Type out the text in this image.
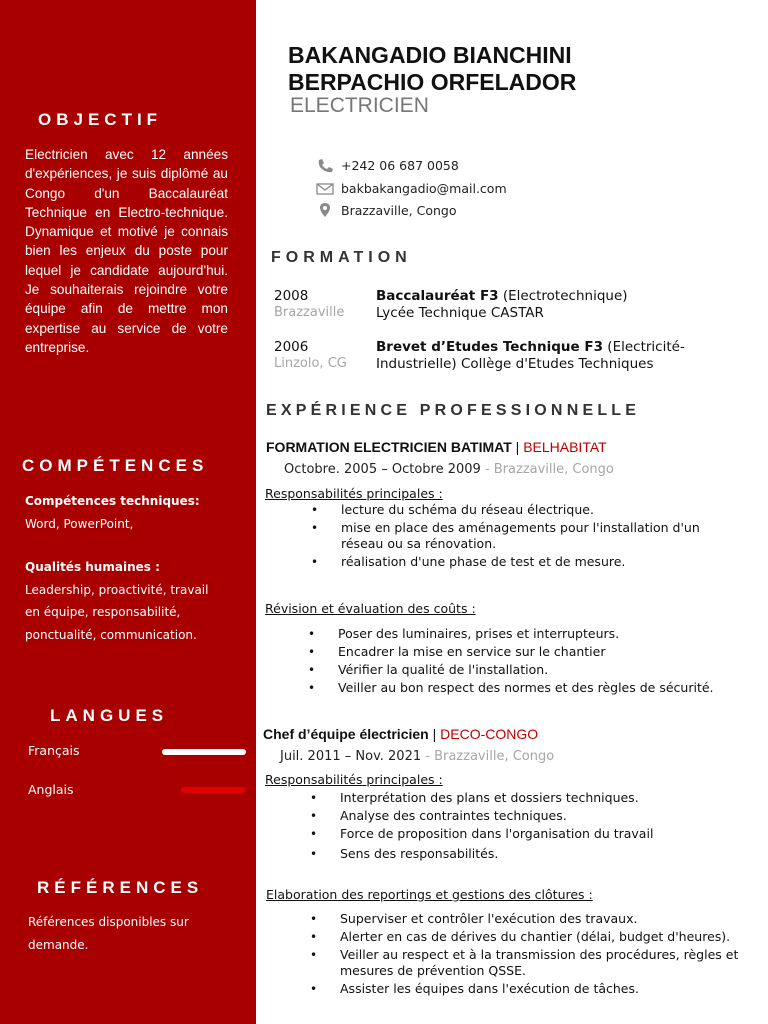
OBJECTIF

Electricien avec 12 années d'expériences, je suis diplômé au Congo d'un Baccalauréat Technique en Electro-technique. Dynamique et motivé je connais bien les enjeux du poste pour lequel je candidate aujourd'hui. Je souhaiterais rejoindre votre équipe afin de mettre mon expertise au service de votre entreprise.

COMPÉTENCES
Compétences techniques:
Word, PowerPoint,
Qualités humaines :
Leadership, proactivité, travail
en équipe, responsabilité,
ponctualité, communication.
LANGUES
Français
Anglais
RÉFÉRENCES
Références disponibles sur
demande.
BAKANGADIO BIANCHINI
BERPACHIO ORFELADOR
ELECTRICIEN
+242 06 687 0058
bakbakangadio@mail.com
Brazzaville, Congo
FORMATION
2008
Brazzaville
Baccalauréat F3 (Electrotechnique)
Lycée Technique CASTAR
2006
Linzolo, CG
Brevet d’Etudes Technique F3 (Electricité-Industrielle) Collège d'Etudes Techniques
EXPÉRIENCE PROFESSIONNELLE
FORMATION ELECTRICIEN BATIMAT | BELHABITAT
Octobre. 2005 – Octobre 2009 - Brazzaville, Congo
Responsabilités principales :
• lecture du schéma du réseau électrique.
• mise en place des aménagements pour l'installation d'un réseau ou sa rénovation.
• réalisation d'une phase de test et de mesure.
Révision et évaluation des coûts :
• Poser des luminaires, prises et interrupteurs.
• Encadrer la mise en service sur le chantier
• Vérifier la qualité de l'installation.
• Veiller au bon respect des normes et des règles de sécurité.
Chef d’équipe électricien | DECO-CONGO
Juil. 2011 – Nov. 2021 - Brazzaville, Congo
Responsabilités principales :
• Interprétation des plans et dossiers techniques.
• Analyse des contraintes techniques.
• Force de proposition dans l'organisation du travail
• Sens des responsabilités.
Elaboration des reportings et gestions des clôtures :
• Superviser et contrôler l'exécution des travaux.
• Alerter en cas de dérives du chantier (délai, budget d'heures).
• Veiller au respect et à la transmission des procédures, règles et mesures de prévention QSSE.
• Assister les équipes dans l'exécution de tâches.
